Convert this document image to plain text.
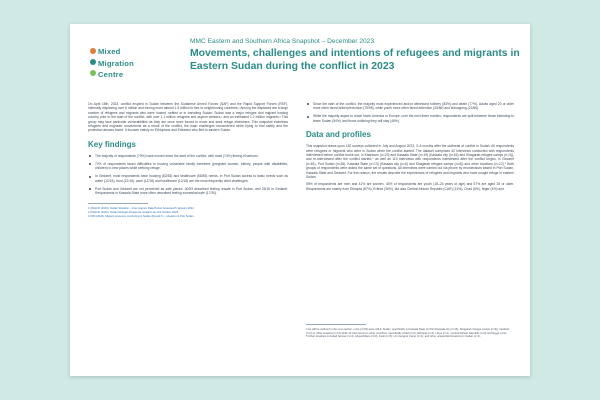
Mixed
Migration
Centre
MMC Eastern and Southern Africa Snapshot – December 2023
Movements, challenges and intentions of refugees and migrants in Eastern Sudan during the conflict in 2023

On April 15th, 2023, conflict erupted in Sudan between the Sudanese Armed Forces (SAF) and the Rapid Support Forces (RSF), internally displacing over 6 million and forcing more almost 1.5 million to flee to neighbouring countries.¹ Among the displaced are a large number of refugees and migrants who were hosted, settled or in transiting Sudan: Sudan was a major refugee and migrant hosting country prior to the start of the conflict, with over 1.1 million refugees and asylum seekers,² and an estimated 1.2 million migrants.³ This group may face particular vulnerabilities as they are once more forced to move and seek refuge elsewhere. This snapshot examines refugees and migrants' movements as a result of the conflict, the main challenges encountered while trying to find safety and the protection abuses faced. It focuses mainly on Ethiopians and Eritreans who fled to eastern Sudan.

Key findings
The majority of respondents (79%) have moved since the start of the conflict, with most (74%) fleeing Khartoum.
72% of respondents faced difficulties in moving vulnerable family members (pregnant women, elderly, people with disabilities, children) to new places while seeking refuge.
In Gedaref, most respondents have housing (82/83) and healthcare (58/83) needs. In Port Sudan access to basic needs such as water (12/16), food (12/16), cash (12/16) and healthcare (12/16) are the most frequently cited challenges.
Port Sudan and Gedaref are not perceived as safe places. 40/83 described feeling unsafe in Port Sudan, and 25/16 in Gedaref. Respondents in Kassala State more often described feeling somewhat safe (17/30).
1 UNHCR (2023). Sudan Situation – Inter-Agency Data Portal. Accessed 5 January 2024.
2 UNHCR (2023). Sudan Refugee Response situation as of 8 October 2023.
3 IOM (2023). Migrant presence monitoring in Sudan (Round 1) – situation in Port Sudan.
Since the start of the conflict, the majority most experienced and/or witnessed robbery (83%) and death (77%). Adults aged 20 or older more often faced bribery/extortion (75/98), while youth more often faced detention (33/66) and kidnapping (22/66).
While the majority aspire to reach North America or Europe, over the next three months, respondents are split between those intending to leave Sudan (54%) and those outlining they will stay (46%).
Data and profiles

This snapshot draws upon 152 surveys collected in July and August 2023, 3–4 months after the outbreak of conflict in Sudan. All respondents were refugees or migrants who were in Sudan when the conflict started. The dataset comprises 42 interviews conducted with respondents interviewed before conflict broke out, in Khartoum (n=23) and Kassala State (n=19) (Kassala city (n=16) and Shagarab refugee camps (n=3)), and re-interviewed after the conflict started,⁴ as well as 110 interviews with respondents interviewed after the conflict began, in Gedaref (n=81), Port Sudan (n=26), Kassala State (n=13) (Kassala city (n=6) and Shagarab refugee camps (n=6)) and other locations (n=12).⁵ Both groups of respondents were asked the same set of questions. All interviews were carried out via phone by enumerators based in Port Sudan, Kassala State and Gedaref. For this reason, the results describe the experiences of refugees and migrants who have sought refuge in eastern Sudan.

59% of respondents are men and 41% are women. 43% of respondents are youth (18–24 years of age) and 57% are aged 25 or older. Respondents are mainly from Ethiopia (57%), Eritrea (36%), but also Central African Republic (CAR) (14%), Chad (8%), Niger (4%) and

4 As will be outlined in the next section, most (n=33) were still in Sudan, specifically in Kassala State (n=19) (Kassala city (n=16), Shagarab refugee camps (n=3)), Gedaref (n=2) or other locations (n=3) while 12 had moved to other countries, specifically Chad (n=2), Ethiopia (n=4), Libya (n=1), Central African Republic (n=3) and Egypt (n=2).
5 Other locations included Sennar (n=4), Abyei/Atbara (n=3), Kosti (n=3), Um Gargour Camp (n=1), and other unspecified locations in Sudan (n=1).
